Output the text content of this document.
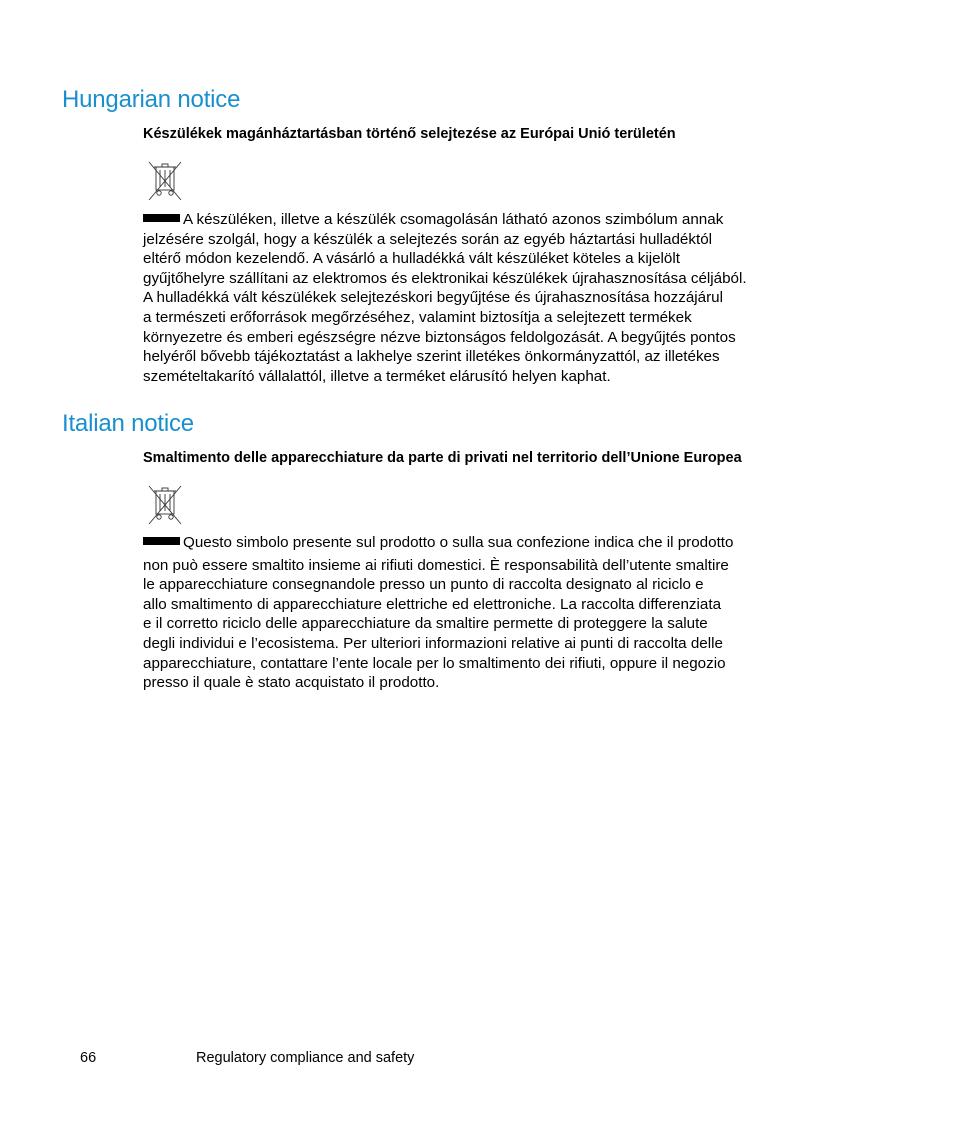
Hungarian notice
Készülékek magánháztartásban történő selejtezése az Európai Unió területén
A készüléken, illetve a készülék csomagolásán látható azonos szimbólum annak
jelzésére szolgál, hogy a készülék a selejtezés során az egyéb háztartási hulladéktól
eltérő módon kezelendő. A vásárló a hulladékká vált készüléket köteles a kijelölt
gyűjtőhelyre szállítani az elektromos és elektronikai készülékek újrahasznosítása céljából.
A hulladékká vált készülékek selejtezéskori begyűjtése és újrahasznosítása hozzájárul
a természeti erőforrások megőrzéséhez, valamint biztosítja a selejtezett termékek
környezetre és emberi egészségre nézve biztonságos feldolgozását. A begyűjtés pontos
helyéről bővebb tájékoztatást a lakhelye szerint illetékes önkormányzattól, az illetékes
szemételtakarító vállalattól, illetve a terméket elárusító helyen kaphat.
Italian notice
Smaltimento delle apparecchiature da parte di privati nel territorio dell’Unione Europea
Questo simbolo presente sul prodotto o sulla sua confezione indica che il prodotto
non può essere smaltito insieme ai rifiuti domestici. È responsabilità dell’utente smaltire
le apparecchiature consegnandole presso un punto di raccolta designato al riciclo e
allo smaltimento di apparecchiature elettriche ed elettroniche. La raccolta differenziata
e il corretto riciclo delle apparecchiature da smaltire permette di proteggere la salute
degli individui e l’ecosistema. Per ulteriori informazioni relative ai punti di raccolta delle
apparecchiature, contattare l’ente locale per lo smaltimento dei rifiuti, oppure il negozio
presso il quale è stato acquistato il prodotto.
66	Regulatory compliance and safety
